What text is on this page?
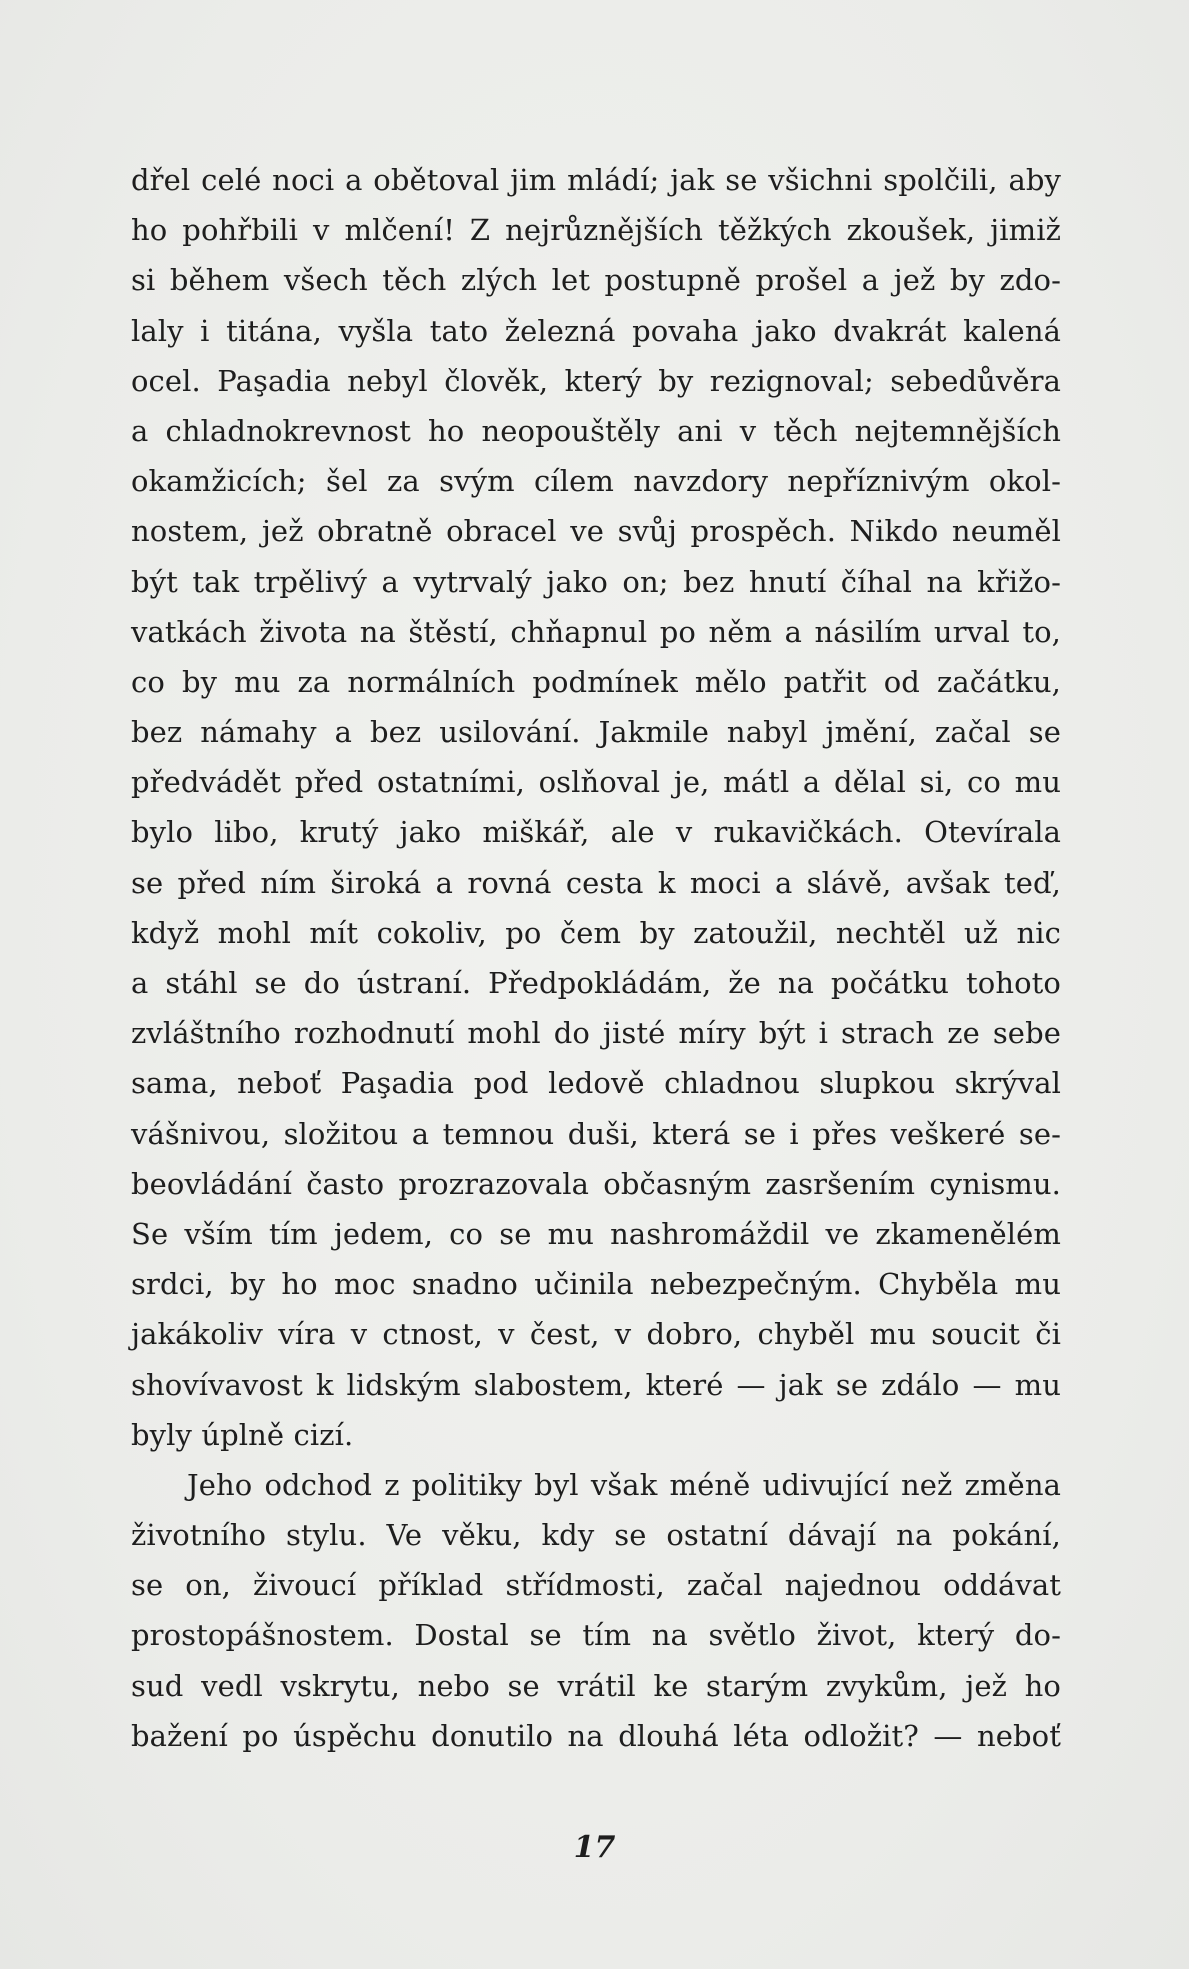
dřel celé noci a obětoval jim mládí; jak se všichni spolčili, aby
ho pohřbili v mlčení! Z nejrůznějších těžkých zkoušek, jimiž
si během všech těch zlých let postupně prošel a jež by zdo-
laly i titána, vyšla tato železná povaha jako dvakrát kalená
ocel. Paşadia nebyl člověk, který by rezignoval; sebedůvěra
a chladnokrevnost ho neopouštěly ani v těch nejtemnějších
okamžicích; šel za svým cílem navzdory nepříznivým okol-
nostem, jež obratně obracel ve svůj prospěch. Nikdo neuměl
být tak trpělivý a vytrvalý jako on; bez hnutí číhal na křižo-
vatkách života na štěstí, chňapnul po něm a násilím urval to,
co by mu za normálních podmínek mělo patřit od začátku,
bez námahy a bez usilování. Jakmile nabyl jmění, začal se
předvádět před ostatními, oslňoval je, mátl a dělal si, co mu
bylo libo, krutý jako miškář, ale v rukavičkách. Otevírala
se před ním široká a rovná cesta k moci a slávě, avšak teď,
když mohl mít cokoliv, po čem by zatoužil, nechtěl už nic
a stáhl se do ústraní. Předpokládám, že na počátku tohoto
zvláštního rozhodnutí mohl do jisté míry být i strach ze sebe
sama, neboť Paşadia pod ledově chladnou slupkou skrýval
vášnivou, složitou a temnou duši, která se i přes veškeré se-
beovládání často prozrazovala občasným zasršením cynismu.
Se vším tím jedem, co se mu nashromáždil ve zkamenělém
srdci, by ho moc snadno učinila nebezpečným. Chyběla mu
jakákoliv víra v ctnost, v čest, v dobro, chyběl mu soucit či
shovívavost k lidským slabostem, které — jak se zdálo — mu
byly úplně cizí.
Jeho odchod z politiky byl však méně udivující než změna
životního stylu. Ve věku, kdy se ostatní dávají na pokání,
se on, živoucí příklad střídmosti, začal najednou oddávat
prostopášnostem. Dostal se tím na světlo život, který do-
sud vedl vskrytu, nebo se vrátil ke starým zvykům, jež ho
bažení po úspěchu donutilo na dlouhá léta odložit? — neboť
17
